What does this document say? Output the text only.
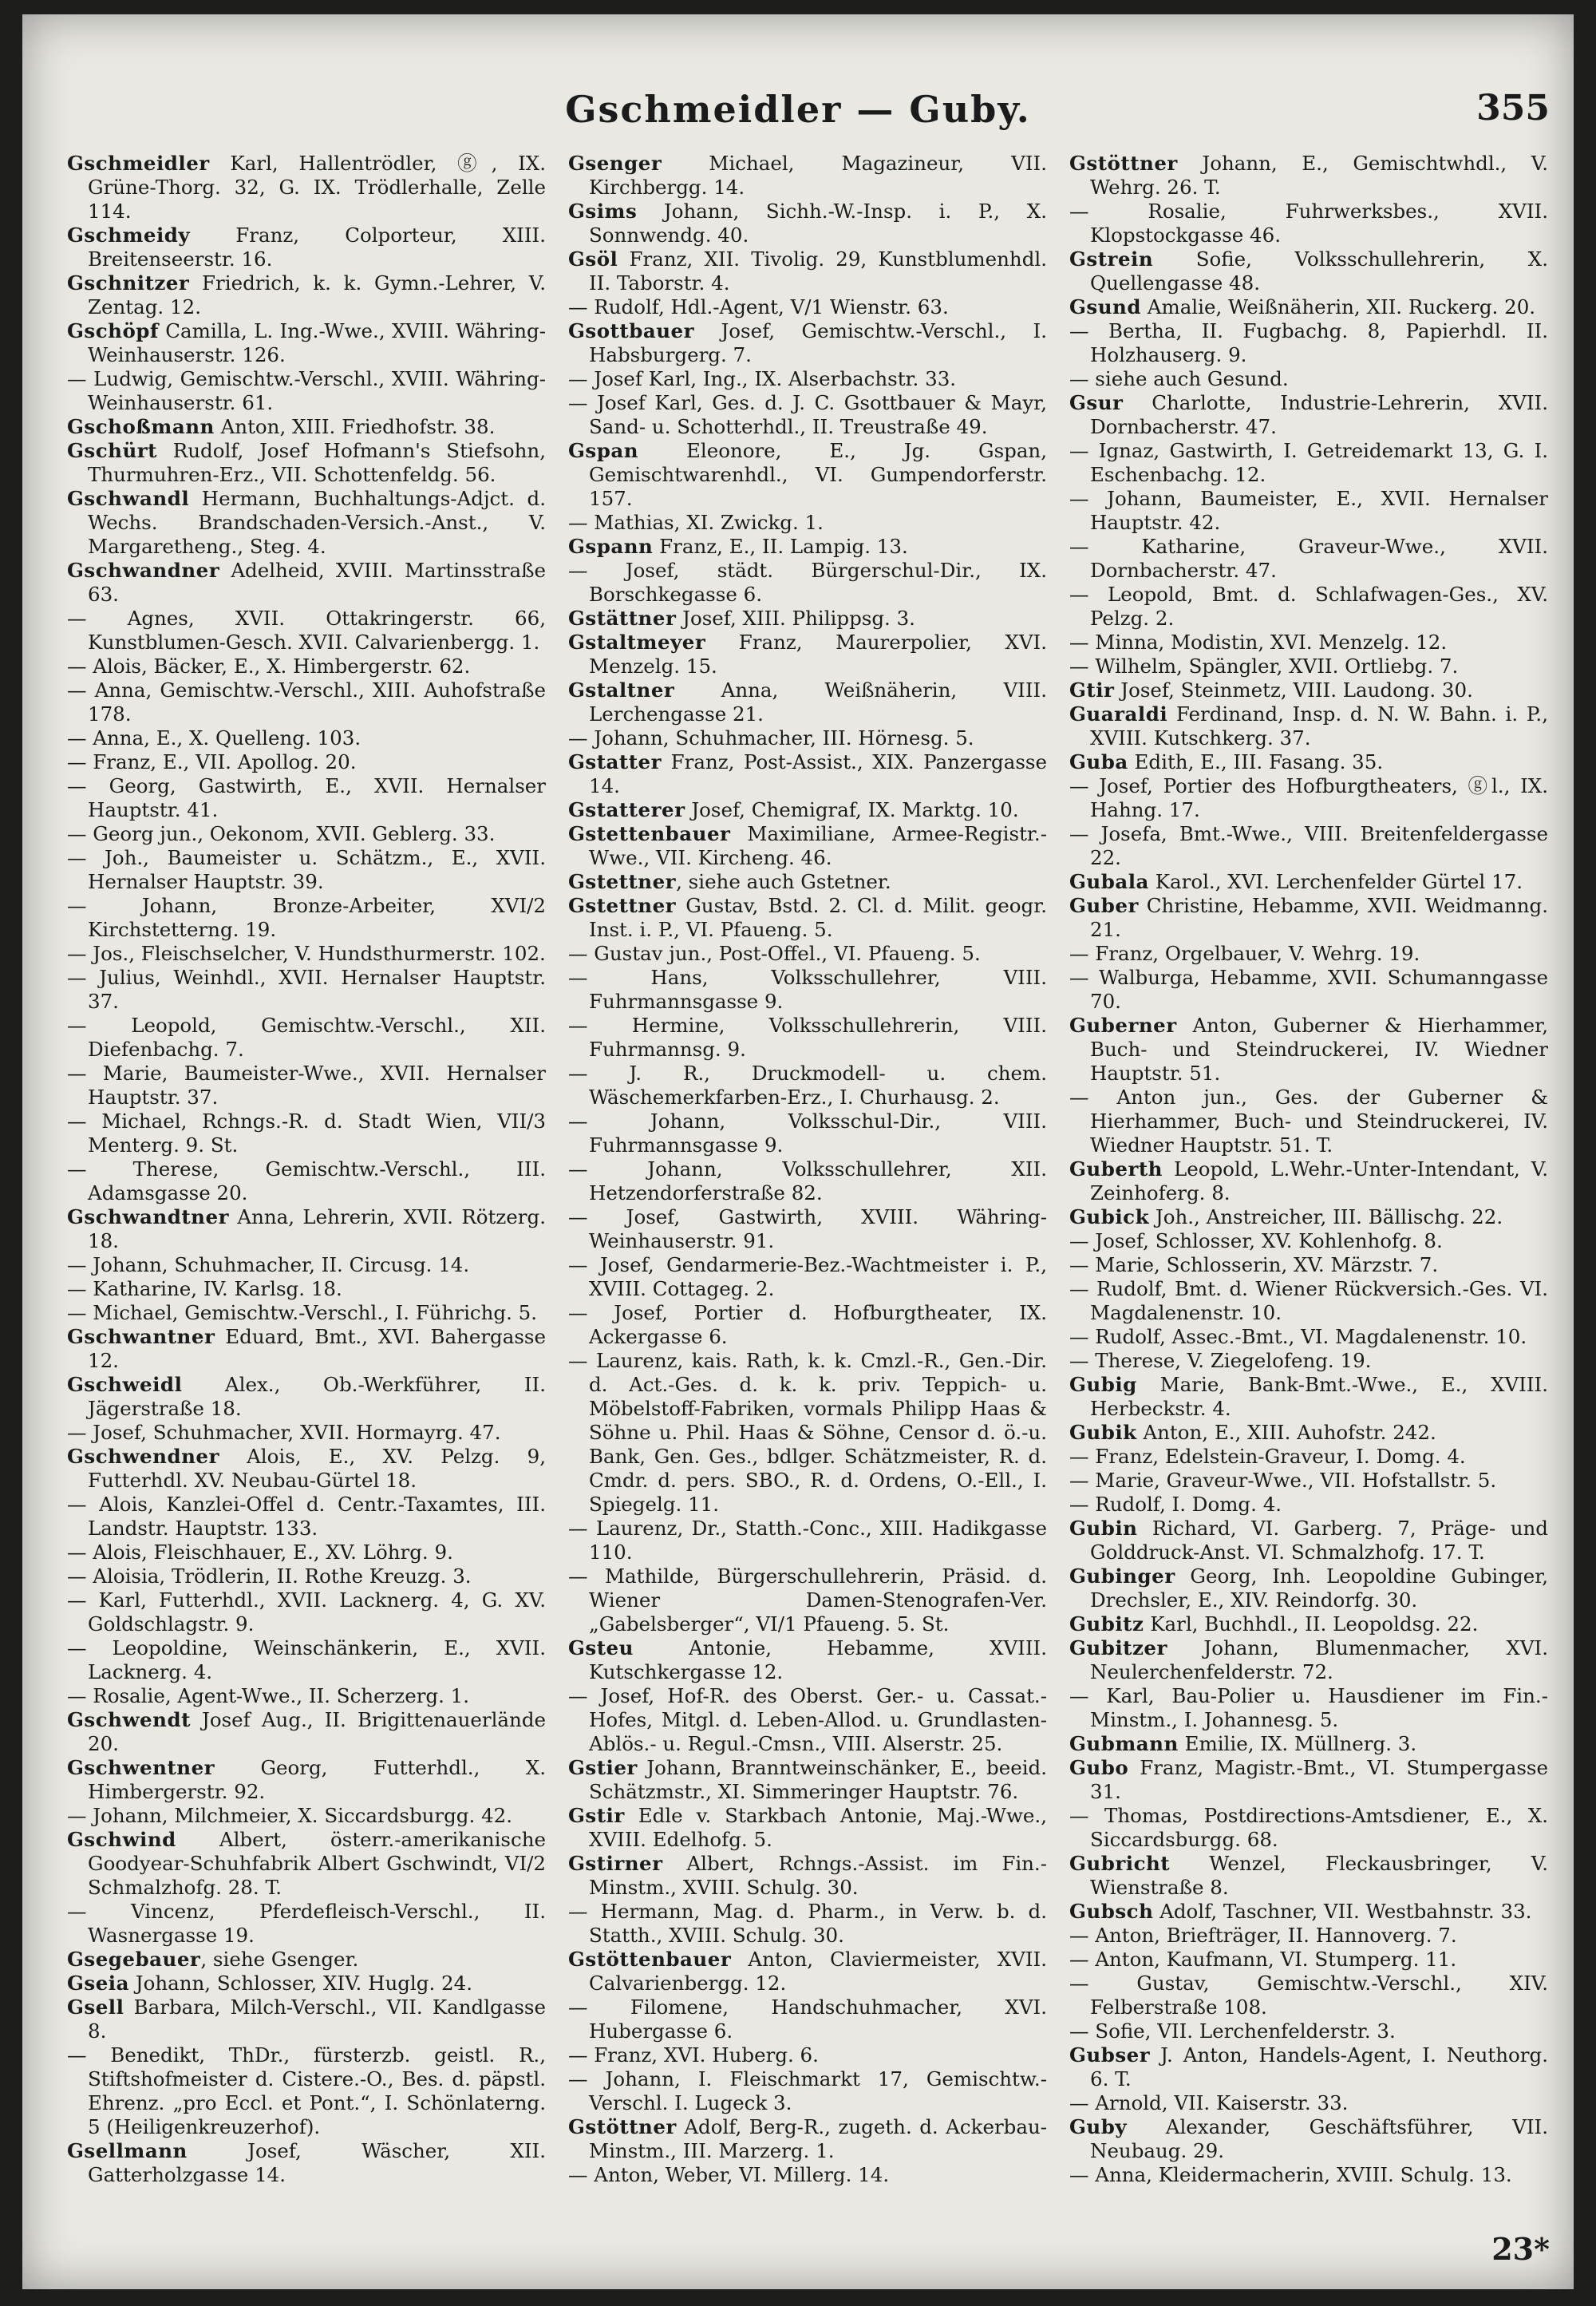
Gschmeidler — Guby.	355

Gschmeidler Karl, Hallentrödler, ⓖ, IX. Grüne-Thorg. 32, G. IX. Trödlerhalle, Zelle 114.

Gschmeidy Franz, Colporteur, XIII. Breitenseerstr. 16.

Gschnitzer Friedrich, k. k. Gymn.-Lehrer, V. Zentag. 12.

Gschöpf Camilla, L. Ing.-Wwe., XVIII. Währing-Weinhauserstr. 126.

— Ludwig, Gemischtw.-Verschl., XVIII. Währing-Weinhauserstr. 61.

Gschoßmann Anton, XIII. Friedhofstr. 38.

Gschürt Rudolf, Josef Hofmann's Stiefsohn, Thurmuhren-Erz., VII. Schottenfeldg. 56.

Gschwandl Hermann, Buchhaltungs-Adjct. d. Wechs. Brandschaden-Versich.-Anst., V. Margaretheng., Steg. 4.

Gschwandner Adelheid, XVIII. Martinsstraße 63.

— Agnes, XVII. Ottakringerstr. 66, Kunstblumen-Gesch. XVII. Calvarienbergg. 1.

— Alois, Bäcker, E., X. Himbergerstr. 62.

— Anna, Gemischtw.-Verschl., XIII. Auhofstraße 178.

— Anna, E., X. Quelleng. 103.

— Franz, E., VII. Apollog. 20.

— Georg, Gastwirth, E., XVII. Hernalser Hauptstr. 41.

— Georg jun., Oekonom, XVII. Geblerg. 33.

— Joh., Baumeister u. Schätzm., E., XVII. Hernalser Hauptstr. 39.

— Johann, Bronze-Arbeiter, XVI/2 Kirchstetterng. 19.

— Jos., Fleischselcher, V. Hundsthurmerstr. 102.

— Julius, Weinhdl., XVII. Hernalser Hauptstr. 37.

— Leopold, Gemischtw.-Verschl., XII. Diefenbachg. 7.

— Marie, Baumeister-Wwe., XVII. Hernalser Hauptstr. 37.

— Michael, Rchngs.-R. d. Stadt Wien, VII/3 Menterg. 9. St.

— Therese, Gemischtw.-Verschl., III. Adamsgasse 20.

Gschwandtner Anna, Lehrerin, XVII. Rötzerg. 18.

— Johann, Schuhmacher, II. Circusg. 14.

— Katharine, IV. Karlsg. 18.

— Michael, Gemischtw.-Verschl., I. Führichg. 5.

Gschwantner Eduard, Bmt., XVI. Bahergasse 12.

Gschweidl Alex., Ob.-Werkführer, II. Jägerstraße 18.

— Josef, Schuhmacher, XVII. Hormayrg. 47.

Gschwendner Alois, E., XV. Pelzg. 9, Futterhdl. XV. Neubau-Gürtel 18.

— Alois, Kanzlei-Offel d. Centr.-Taxamtes, III. Landstr. Hauptstr. 133.

— Alois, Fleischhauer, E., XV. Löhrg. 9.

— Aloisia, Trödlerin, II. Rothe Kreuzg. 3.

— Karl, Futterhdl., XVII. Lacknerg. 4, G. XV. Goldschlagstr. 9.

— Leopoldine, Weinschänkerin, E., XVII. Lacknerg. 4.

— Rosalie, Agent-Wwe., II. Scherzerg. 1.

Gschwendt Josef Aug., II. Brigittenauerlände 20.

Gschwentner Georg, Futterhdl., X. Himbergerstr. 92.

— Johann, Milchmeier, X. Siccardsburgg. 42.

Gschwind Albert, österr.-amerikanische Goodyear-Schuhfabrik Albert Gschwindt, VI/2 Schmalzhofg. 28. T.

— Vincenz, Pferdefleisch-Verschl., II. Wasnergasse 19.

Gsegebauer, siehe Gsenger.

Gseia Johann, Schlosser, XIV. Huglg. 24.

Gsell Barbara, Milch-Verschl., VII. Kandlgasse 8.

— Benedikt, ThDr., fürsterzb. geistl. R., Stiftshofmeister d. Cistere.-O., Bes. d. päpstl. Ehrenz. „pro Eccl. et Pont.“, I. Schönlaterng. 5 (Heiligenkreuzerhof).

Gsellmann Josef, Wäscher, XII. Gatterholzgasse 14.

Gsenger Michael, Magazineur, VII. Kirchbergg. 14.

Gsims Johann, Sichh.-W.-Insp. i. P., X. Sonnwendg. 40.

Gsöl Franz, XII. Tivolig. 29, Kunstblumenhdl. II. Taborstr. 4.

— Rudolf, Hdl.-Agent, V/1 Wienstr. 63.

Gsottbauer Josef, Gemischtw.-Verschl., I. Habsburgerg. 7.

— Josef Karl, Ing., IX. Alserbachstr. 33.

— Josef Karl, Ges. d. J. C. Gsottbauer & Mayr, Sand- u. Schotterhdl., II. Treustraße 49.

Gspan Eleonore, E., Jg. Gspan, Gemischtwarenhdl., VI. Gumpendorferstr. 157.

— Mathias, XI. Zwickg. 1.

Gspann Franz, E., II. Lampig. 13.

— Josef, städt. Bürgerschul-Dir., IX. Borschkegasse 6.

Gstättner Josef, XIII. Philippsg. 3.

Gstaltmeyer Franz, Maurerpolier, XVI. Menzelg. 15.

Gstaltner Anna, Weißnäherin, VIII. Lerchengasse 21.

— Johann, Schuhmacher, III. Hörnesg. 5.

Gstatter Franz, Post-Assist., XIX. Panzergasse 14.

Gstatterer Josef, Chemigraf, IX. Marktg. 10.

Gstettenbauer Maximiliane, Armee-Registr.-Wwe., VII. Kircheng. 46.

Gstettner, siehe auch Gstetner.

Gstettner Gustav, Bstd. 2. Cl. d. Milit. geogr. Inst. i. P., VI. Pfaueng. 5.

— Gustav jun., Post-Offel., VI. Pfaueng. 5.

— Hans, Volksschullehrer, VIII. Fuhrmannsgasse 9.

— Hermine, Volksschullehrerin, VIII. Fuhrmannsg. 9.

— J. R., Druckmodell- u. chem. Wäschemerkfarben-Erz., I. Churhausg. 2.

— Johann, Volksschul-Dir., VIII. Fuhrmannsgasse 9.

— Johann, Volksschullehrer, XII. Hetzendorferstraße 82.

— Josef, Gastwirth, XVIII. Währing-Weinhauserstr. 91.

— Josef, Gendarmerie-Bez.-Wachtmeister i. P., XVIII. Cottageg. 2.

— Josef, Portier d. Hofburgtheater, IX. Ackergasse 6.

— Laurenz, kais. Rath, k. k. Cmzl.-R., Gen.-Dir. d. Act.-Ges. d. k. k. priv. Teppich- u. Möbelstoff-Fabriken, vormals Philipp Haas & Söhne u. Phil. Haas & Söhne, Censor d. ö.-u. Bank, Gen. Ges., bdlger. Schätzmeister, R. d. Cmdr. d. pers. SBO., R. d. Ordens, O.-Ell., I. Spiegelg. 11.

— Laurenz, Dr., Statth.-Conc., XIII. Hadikgasse 110.

— Mathilde, Bürgerschullehrerin, Präsid. d. Wiener Damen-Stenografen-Ver. „Gabelsberger“, VI/1 Pfaueng. 5. St.

Gsteu Antonie, Hebamme, XVIII. Kutschkergasse 12.

— Josef, Hof-R. des Oberst. Ger.- u. Cassat.-Hofes, Mitgl. d. Leben-Allod. u. Grundlasten-Ablös.- u. Regul.-Cmsn., VIII. Alserstr. 25.

Gstier Johann, Branntweinschänker, E., beeid. Schätzmstr., XI. Simmeringer Hauptstr. 76.

Gstir Edle v. Starkbach Antonie, Maj.-Wwe., XVIII. Edelhofg. 5.

Gstirner Albert, Rchngs.-Assist. im Fin.-Minstm., XVIII. Schulg. 30.

— Hermann, Mag. d. Pharm., in Verw. b. d. Statth., XVIII. Schulg. 30.

Gstöttenbauer Anton, Claviermeister, XVII. Calvarienbergg. 12.

— Filomene, Handschuhmacher, XVI. Hubergasse 6.

— Franz, XVI. Huberg. 6.

— Johann, I. Fleischmarkt 17, Gemischtw.-Verschl. I. Lugeck 3.

Gstöttner Adolf, Berg-R., zugeth. d. Ackerbau-Minstm., III. Marzerg. 1.

— Anton, Weber, VI. Millerg. 14.

Gstöttner Johann, E., Gemischtwhdl., V. Wehrg. 26. T.

— Rosalie, Fuhrwerksbes., XVII. Klopstockgasse 46.

Gstrein Sofie, Volksschullehrerin, X. Quellengasse 48.

Gsund Amalie, Weißnäherin, XII. Ruckerg. 20.

— Bertha, II. Fugbachg. 8, Papierhdl. II. Holzhauserg. 9.

— siehe auch Gesund.

Gsur Charlotte, Industrie-Lehrerin, XVII. Dornbacherstr. 47.

— Ignaz, Gastwirth, I. Getreidemarkt 13, G. I. Eschenbachg. 12.

— Johann, Baumeister, E., XVII. Hernalser Hauptstr. 42.

— Katharine, Graveur-Wwe., XVII. Dornbacherstr. 47.

— Leopold, Bmt. d. Schlafwagen-Ges., XV. Pelzg. 2.

— Minna, Modistin, XVI. Menzelg. 12.

— Wilhelm, Spängler, XVII. Ortliebg. 7.

Gtir Josef, Steinmetz, VIII. Laudong. 30.

Guaraldi Ferdinand, Insp. d. N. W. Bahn. i. P., XVIII. Kutschkerg. 37.

Guba Edith, E., III. Fasang. 35.

— Josef, Portier des Hofburgtheaters, ⓖl., IX. Hahng. 17.

— Josefa, Bmt.-Wwe., VIII. Breitenfeldergasse 22.

Gubala Karol., XVI. Lerchenfelder Gürtel 17.

Guber Christine, Hebamme, XVII. Weidmanng. 21.

— Franz, Orgelbauer, V. Wehrg. 19.

— Walburga, Hebamme, XVII. Schumanngasse 70.

Guberner Anton, Guberner & Hierhammer, Buch- und Steindruckerei, IV. Wiedner Hauptstr. 51.

— Anton jun., Ges. der Guberner & Hierhammer, Buch- und Steindruckerei, IV. Wiedner Hauptstr. 51. T.

Guberth Leopold, L.Wehr.-Unter-Intendant, V. Zeinhoferg. 8.

Gubick Joh., Anstreicher, III. Bällischg. 22.

— Josef, Schlosser, XV. Kohlenhofg. 8.

— Marie, Schlosserin, XV. Märzstr. 7.

— Rudolf, Bmt. d. Wiener Rückversich.-Ges. VI. Magdalenenstr. 10.

— Rudolf, Assec.-Bmt., VI. Magdalenenstr. 10.

— Therese, V. Ziegelofeng. 19.

Gubig Marie, Bank-Bmt.-Wwe., E., XVIII. Herbeckstr. 4.

Gubik Anton, E., XIII. Auhofstr. 242.

— Franz, Edelstein-Graveur, I. Domg. 4.

— Marie, Graveur-Wwe., VII. Hofstallstr. 5.

— Rudolf, I. Domg. 4.

Gubin Richard, VI. Garberg. 7, Präge- und Golddruck-Anst. VI. Schmalzhofg. 17. T.

Gubinger Georg, Inh. Leopoldine Gubinger, Drechsler, E., XIV. Reindorfg. 30.

Gubitz Karl, Buchhdl., II. Leopoldsg. 22.

Gubitzer Johann, Blumenmacher, XVI. Neulerchenfelderstr. 72.

— Karl, Bau-Polier u. Hausdiener im Fin.-Minstm., I. Johannesg. 5.

Gubmann Emilie, IX. Müllnerg. 3.

Gubo Franz, Magistr.-Bmt., VI. Stumpergasse 31.

— Thomas, Postdirections-Amtsdiener, E., X. Siccardsburgg. 68.

Gubricht Wenzel, Fleckausbringer, V. Wienstraße 8.

Gubsch Adolf, Taschner, VII. Westbahnstr. 33.

— Anton, Briefträger, II. Hannoverg. 7.

— Anton, Kaufmann, VI. Stumperg. 11.

— Gustav, Gemischtw.-Verschl., XIV. Felberstraße 108.

— Sofie, VII. Lerchenfelderstr. 3.

Gubser J. Anton, Handels-Agent, I. Neuthorg. 6. T.

— Arnold, VII. Kaiserstr. 33.

Guby Alexander, Geschäftsführer, VII. Neubaug. 29.

— Anna, Kleidermacherin, XVIII. Schulg. 13.

23*
